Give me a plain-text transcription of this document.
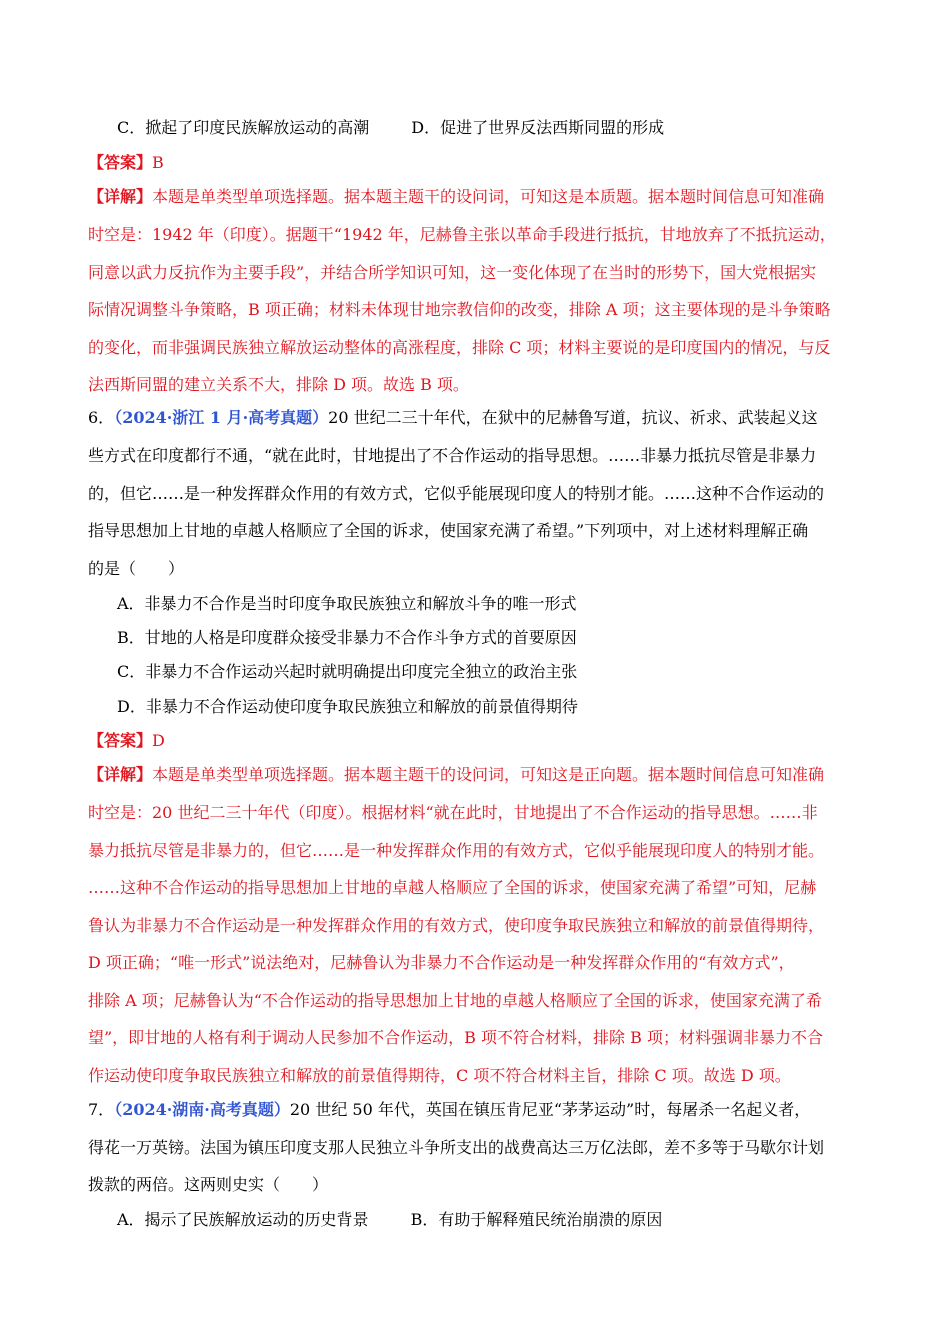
C．掀起了印度民族解放运动的高潮	D．促进了世界反法西斯同盟的形成
【答案】B
【详解】本题是单类型单项选择题。据本题主题干的设问词，可知这是本质题。据本题时间信息可知准确
时空是：1942 年（印度）。据题干“1942 年，尼赫鲁主张以革命手段进行抵抗，甘地放弃了不抵抗运动，
同意以武力反抗作为主要手段”，并结合所学知识可知，这一变化体现了在当时的形势下，国大党根据实
际情况调整斗争策略，B 项正确；材料未体现甘地宗教信仰的改变，排除 A 项；这主要体现的是斗争策略
的变化，而非强调民族独立解放运动整体的高涨程度，排除 C 项；材料主要说的是印度国内的情况，与反
法西斯同盟的建立关系不大，排除 D 项。故选 B 项。
6．（2024·浙江 1 月·高考真题）20 世纪二三十年代，在狱中的尼赫鲁写道，抗议、祈求、武装起义这
些方式在印度都行不通，“就在此时，甘地提出了不合作运动的指导思想。……非暴力抵抗尽管是非暴力
的，但它……是一种发挥群众作用的有效方式，它似乎能展现印度人的特别才能。……这种不合作运动的
指导思想加上甘地的卓越人格顺应了全国的诉求，使国家充满了希望。”下列项中，对上述材料理解正确
的是（　　）
A．非暴力不合作是当时印度争取民族独立和解放斗争的唯一形式
B．甘地的人格是印度群众接受非暴力不合作斗争方式的首要原因
C．非暴力不合作运动兴起时就明确提出印度完全独立的政治主张
D．非暴力不合作运动使印度争取民族独立和解放的前景值得期待
【答案】D
【详解】本题是单类型单项选择题。据本题主题干的设问词，可知这是正向题。据本题时间信息可知准确
时空是：20 世纪二三十年代（印度）。根据材料“就在此时，甘地提出了不合作运动的指导思想。……非
暴力抵抗尽管是非暴力的，但它……是一种发挥群众作用的有效方式，它似乎能展现印度人的特别才能。
……这种不合作运动的指导思想加上甘地的卓越人格顺应了全国的诉求，使国家充满了希望”可知，尼赫
鲁认为非暴力不合作运动是一种发挥群众作用的有效方式，使印度争取民族独立和解放的前景值得期待，
D 项正确；“唯一形式”说法绝对，尼赫鲁认为非暴力不合作运动是一种发挥群众作用的“有效方式”，
排除 A 项；尼赫鲁认为“不合作运动的指导思想加上甘地的卓越人格顺应了全国的诉求，使国家充满了希
望”，即甘地的人格有利于调动人民参加不合作运动，B 项不符合材料，排除 B 项；材料强调非暴力不合
作运动使印度争取民族独立和解放的前景值得期待，C 项不符合材料主旨，排除 C 项。故选 D 项。
7．（2024·湖南·高考真题）20 世纪 50 年代，英国在镇压肯尼亚“茅茅运动”时，每屠杀一名起义者，
得花一万英镑。法国为镇压印度支那人民独立斗争所支出的战费高达三万亿法郎，差不多等于马歇尔计划
拨款的两倍。这两则史实（　　）
A．揭示了民族解放运动的历史背景	B．有助于解释殖民统治崩溃的原因
